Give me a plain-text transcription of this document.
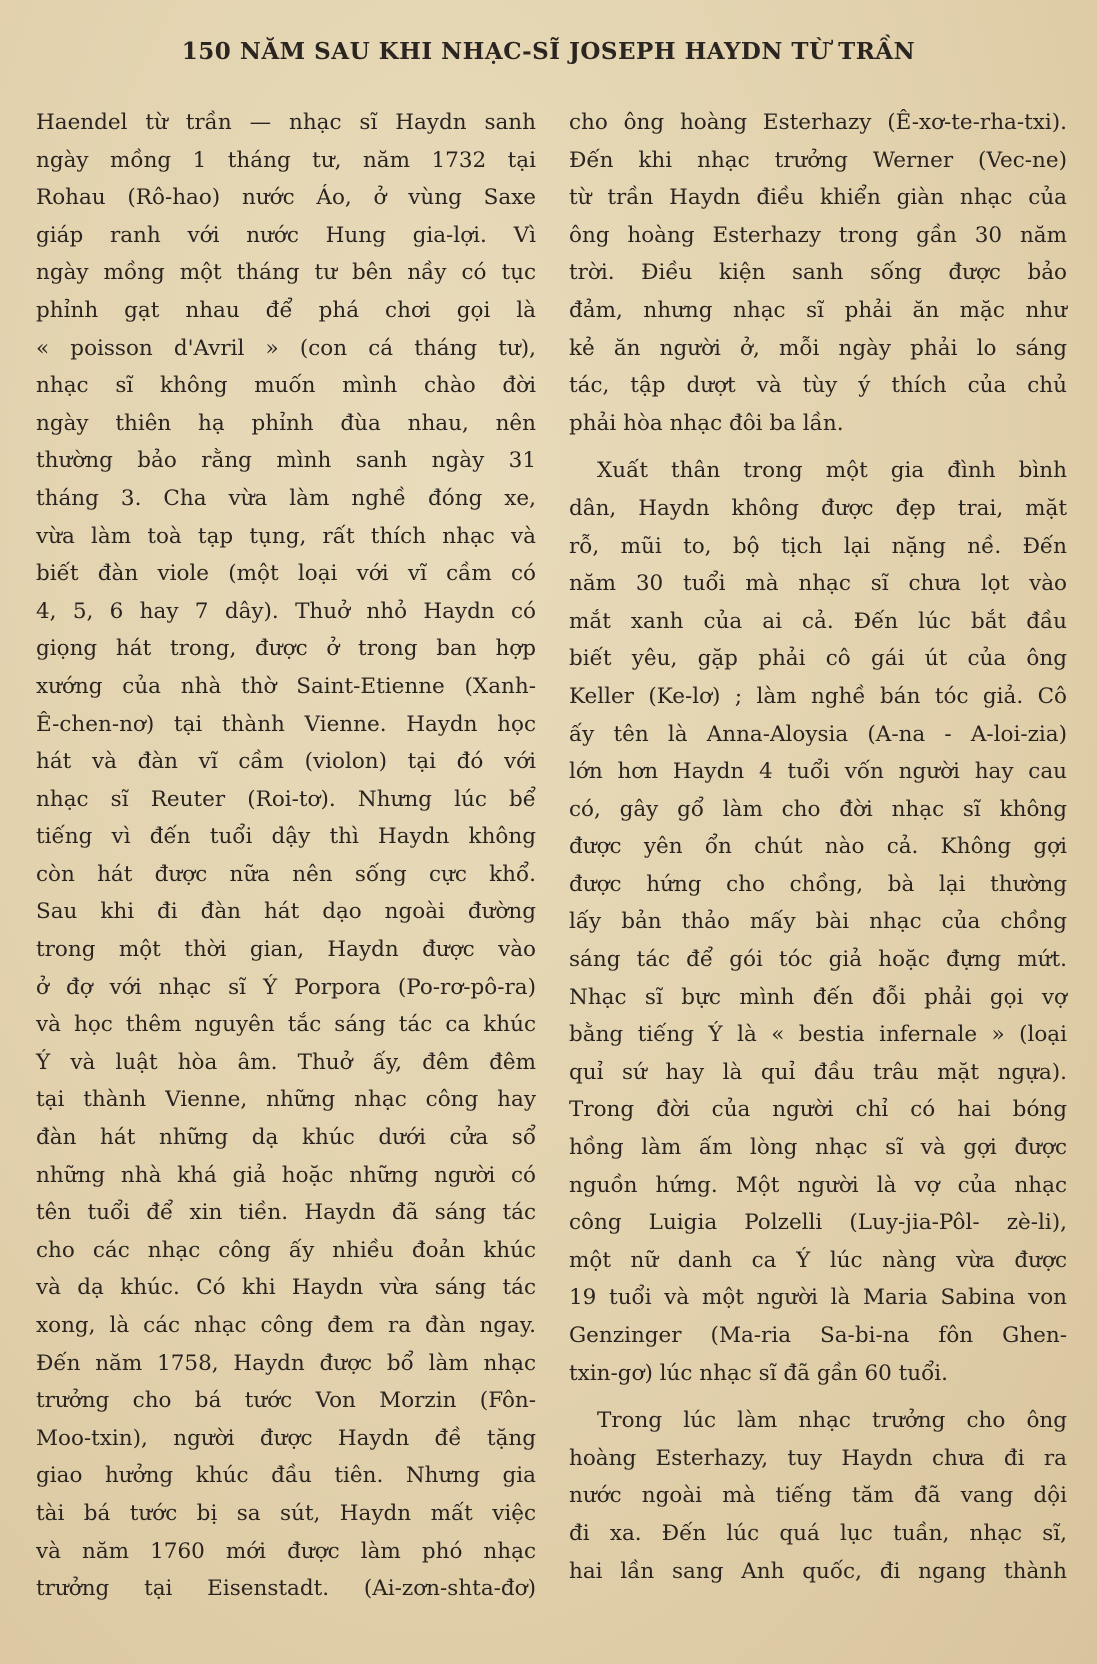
150 NĂM SAU KHI NHẠC-SĨ JOSEPH HAYDN TỪ TRẦN
Haendel từ trần — nhạc sĩ Haydn sanh
ngày mồng 1 tháng tư, năm 1732 tại
Rohau (Rô-hao) nước Áo, ở vùng Saxe
giáp ranh với nước Hung gia-lợi. Vì
ngày mồng một tháng tư bên nầy có tục
phỉnh gạt nhau để phá chơi gọi là
« poisson d'Avril » (con cá tháng tư),
nhạc sĩ không muốn mình chào đời
ngày thiên hạ phỉnh đùa nhau, nên
thường bảo rằng mình sanh ngày 31
tháng 3. Cha vừa làm nghề đóng xe,
vừa làm toà tạp tụng, rất thích nhạc và
biết đàn viole (một loại với vĩ cầm có
4, 5, 6 hay 7 dây). Thuở nhỏ Haydn có
giọng hát trong, được ở trong ban hợp
xướng của nhà thờ Saint-Etienne (Xanh-
Ê-chen-nơ) tại thành Vienne. Haydn học
hát và đàn vĩ cầm (violon) tại đó với
nhạc sĩ Reuter (Roi-tơ). Nhưng lúc bể
tiếng vì đến tuổi dậy thì Haydn không
còn hát được nữa nên sống cực khổ.
Sau khi đi đàn hát dạo ngoài đường
trong một thời gian, Haydn được vào
ở đợ với nhạc sĩ Ý Porpora (Po-rơ-pô-ra)
và học thêm nguyên tắc sáng tác ca khúc
Ý và luật hòa âm. Thuở ấy, đêm đêm
tại thành Vienne, những nhạc công hay
đàn hát những dạ khúc dưới cửa sổ
những nhà khá giả hoặc những người có
tên tuổi để xin tiền. Haydn đã sáng tác
cho các nhạc công ấy nhiều đoản khúc
và dạ khúc. Có khi Haydn vừa sáng tác
xong, là các nhạc công đem ra đàn ngay.
Đến năm 1758, Haydn được bổ làm nhạc
trưởng cho bá tước Von Morzin (Fôn-
Moo-txin), người được Haydn đề tặng
giao hưởng khúc đầu tiên. Nhưng gia
tài bá tước bị sa sút, Haydn mất việc
và năm 1760 mới được làm phó nhạc
trưởng tại Eisenstadt. (Ai-zơn-shta-đơ)
cho ông hoàng Esterhazy (Ê-xơ-te-rha-txi).
Đến khi nhạc trưởng Werner (Vec-ne)
từ trần Haydn điều khiển giàn nhạc của
ông hoàng Esterhazy trong gần 30 năm
trời. Điều kiện sanh sống được bảo
đảm, nhưng nhạc sĩ phải ăn mặc như
kẻ ăn người ở, mỗi ngày phải lo sáng
tác, tập dượt và tùy ý thích của chủ
phải hòa nhạc đôi ba lần.
Xuất thân trong một gia đình bình
dân, Haydn không được đẹp trai, mặt
rỗ, mũi to, bộ tịch lại nặng nề. Đến
năm 30 tuổi mà nhạc sĩ chưa lọt vào
mắt xanh của ai cả. Đến lúc bắt đầu
biết yêu, gặp phải cô gái út của ông
Keller (Ke-lơ) ; làm nghề bán tóc giả. Cô
ấy tên là Anna-Aloysia (A-na - A-loi-zia)
lớn hơn Haydn 4 tuổi vốn người hay cau
có, gây gổ làm cho đời nhạc sĩ không
được yên ổn chút nào cả. Không gợi
được hứng cho chồng, bà lại thường
lấy bản thảo mấy bài nhạc của chồng
sáng tác để gói tóc giả hoặc đựng mứt.
Nhạc sĩ bực mình đến đỗi phải gọi vợ
bằng tiếng Ý là « bestia infernale » (loại
quỉ sứ hay là quỉ đầu trâu mặt ngựa).
Trong đời của người chỉ có hai bóng
hồng làm ấm lòng nhạc sĩ và gợi được
nguồn hứng. Một người là vợ của nhạc
công Luigia Polzelli (Luy-jia-Pôl- zè-li),
một nữ danh ca Ý lúc nàng vừa được
19 tuổi và một người là Maria Sabina von
Genzinger (Ma-ria Sa-bi-na fôn Ghen-
txin-gơ) lúc nhạc sĩ đã gần 60 tuổi.
Trong lúc làm nhạc trưởng cho ông
hoàng Esterhazy, tuy Haydn chưa đi ra
nước ngoài mà tiếng tăm đã vang dội
đi xa. Đến lúc quá lục tuần, nhạc sĩ,
hai lần sang Anh quốc, đi ngang thành
